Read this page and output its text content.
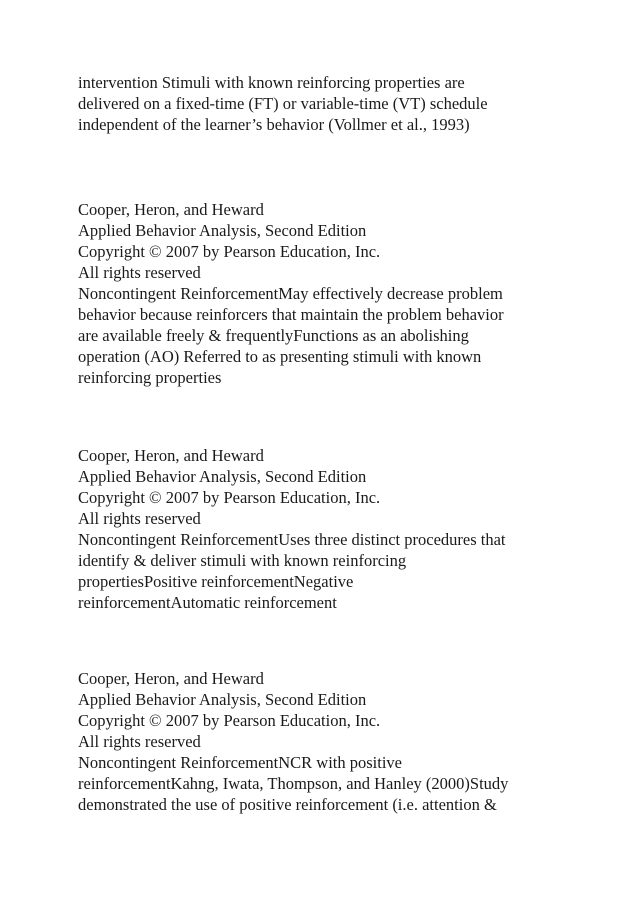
intervention Stimuli with known reinforcing properties are
delivered on a fixed-time (FT) or variable-time (VT) schedule
independent of the learner’s behavior (Vollmer et al., 1993)
Cooper, Heron, and Heward
Applied Behavior Analysis, Second Edition
Copyright © 2007 by Pearson Education, Inc.
All rights reserved
Noncontingent ReinforcementMay effectively decrease problem
behavior because reinforcers that maintain the problem behavior
are available freely & frequentlyFunctions as an abolishing
operation (AO) Referred to as presenting stimuli with known
reinforcing properties
Cooper, Heron, and Heward
Applied Behavior Analysis, Second Edition
Copyright © 2007 by Pearson Education, Inc.
All rights reserved
Noncontingent ReinforcementUses three distinct procedures that
identify & deliver stimuli with known reinforcing
propertiesPositive reinforcementNegative
reinforcementAutomatic reinforcement
Cooper, Heron, and Heward
Applied Behavior Analysis, Second Edition
Copyright © 2007 by Pearson Education, Inc.
All rights reserved
Noncontingent ReinforcementNCR with positive
reinforcementKahng, Iwata, Thompson, and Hanley (2000)Study
demonstrated the use of positive reinforcement (i.e. attention &
